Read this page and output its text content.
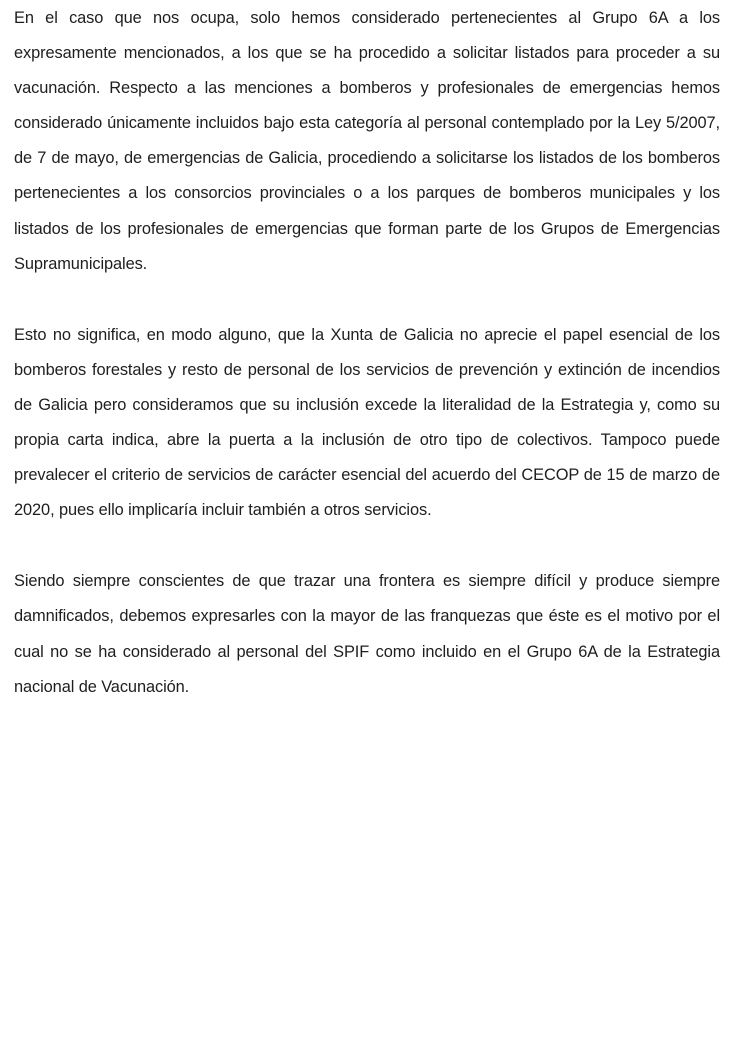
En el caso que nos ocupa, solo hemos considerado pertenecientes al Grupo 6A a los expresamente mencionados, a los que se ha procedido a solicitar listados para proceder a su vacunación. Respecto a las menciones a bomberos y profesionales de emergencias hemos considerado únicamente incluidos bajo esta categoría al personal contemplado por la Ley 5/2007, de 7 de mayo, de emergencias de Galicia, procediendo a solicitarse los listados de los bomberos pertenecientes a los consorcios provinciales o a los parques de bomberos municipales y los listados de los profesionales de emergencias que forman parte de los Grupos de Emergencias Supramunicipales.

Esto no significa, en modo alguno, que la Xunta de Galicia no aprecie el papel esencial de los bomberos forestales y resto de personal de los servicios de prevención y extinción de incendios de Galicia pero consideramos que su inclusión excede la literalidad de la Estrategia y, como su propia carta indica, abre la puerta a la inclusión de otro tipo de colectivos. Tampoco puede prevalecer el criterio de servicios de carácter esencial del acuerdo del CECOP de 15 de marzo de 2020, pues ello implicaría incluir también a otros servicios.

Siendo siempre conscientes de que trazar una frontera es siempre difícil y produce siempre damnificados, debemos expresarles con la mayor de las franquezas que éste es el motivo por el cual no se ha considerado al personal del SPIF como incluido en el Grupo 6A de la Estrategia nacional de Vacunación.
